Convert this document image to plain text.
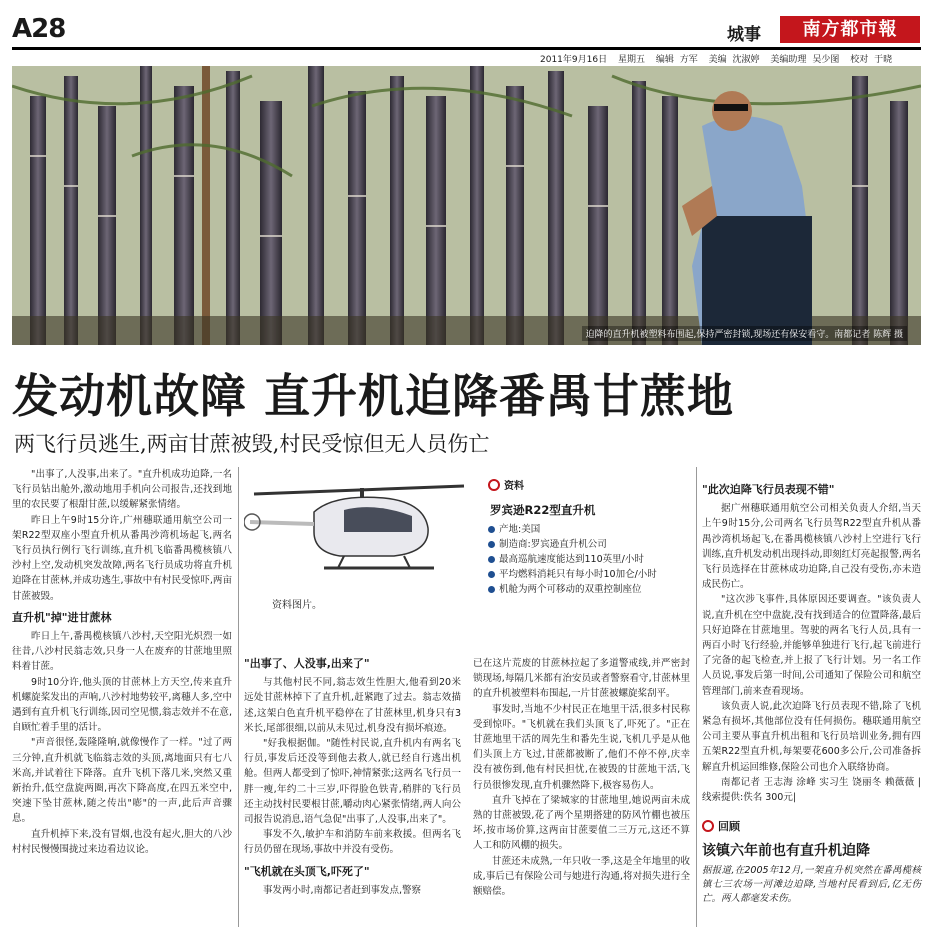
A28	城事	南方都市報
2011年9月16日 星期五 编辑 方军 美编 沈淑婷 美编助理 吴少图 校对 于晓
迫降的直升机被塑料布围起,保持严密封锁,现场还有保安看守。南都记者 陈辉 摄
发动机故障 直升机迫降番禺甘蔗地
两飞行员逃生,两亩甘蔗被毁,村民受惊但无人员伤亡

"出事了,人没事,出来了。"直升机成功迫降,一名飞行员钻出舱外,激动地用手机向公司报告,还找到地里的农民要了根甜甘蔗,以缓解紧张情绪。

昨日上午9时15分许,广州穗联通用航空公司一架R22型双座小型直升机从番禺沙湾机场起飞,两名飞行员执行例行飞行训练,直升机飞临番禺榄核镇八沙村上空,发动机突发故障,两名飞行员成功将直升机迫降在甘蔗林,并成功逃生,事故中有村民受惊吓,两亩甘蔗被毁。

直升机"掉"进甘蔗林

昨日上午,番禺榄核镇八沙村,天空阳光炽烈一如往昔,八沙村民翁志效,只身一人在废弃的甘蔗地里照料着甘蔗。

9时10分许,他头顶的甘蔗林上方天空,传来直升机螺旋桨发出的声响,八沙村地势较平,离穗人多,空中遇到有直升机飞行训练,因司空见惯,翁志效并不在意,自顾忙着手里的活计。

"声音很怪,轰隆隆响,就像慢作了一样。"过了两三分钟,直升机就飞临翁志效的头顶,离地面只有七八米高,并试着往下降落。直升飞机下落几米,突然又重新抬升,低空盘旋两圈,再次下降高度,在四五米空中,突速下坠甘蔗林,随之传出"嘭"的一声,此后声音骤息。

直升机掉下来,没有冒烟,也没有起火,胆大的八沙村村民慢慢围拢过来边看边议论。

资料图片。
资料
罗宾逊R22型直升机
产地:美国
制造商:罗宾逊直升机公司
最高巡航速度能达到110英里/小时
平均燃料消耗只有每小时10加仑/小时
机舱为两个可移动的双重控制座位
"出事了、人没事,出来了"

与其他村民不同,翁志效生性胆大,他看到20米远处甘蔗林掉下了直升机,赶紧跑了过去。翁志效描述,这架白色直升机平稳停在了甘蔗林里,机身只有3米长,尾部很细,以前从未见过,机身没有损坏痕迹。

"好我根据伽。"随性村民说,直升机内有两名飞行员,事发后还没等到他去救人,就已经自行逃出机舱。但两人都受到了惊吓,神情紧张;这两名飞行员一胖一瘦,年约二十三岁,吓得脸色铁青,稍胖的飞行员还主动找村民要根甘蔗,嚼动肉心紧张情绪,两人向公司报告说消息,语气急促"出事了,人没事,出来了"。

事发不久,敏护车和消防车前来救援。但两名飞行员仍留在现场,事故中并没有受伤。

"飞机就在头顶飞,吓死了"

事发两小时,南都记者赶到事发点,警察

已在这片荒废的甘蔗林拉起了多道警戒线,并严密封锁现场,每隔几米都有治安员或者警察看守,甘蔗林里的直升机被塑料布围起,一片甘蔗被螺旋桨刮平。

事发时,当地不少村民正在地里干活,很多村民称受到惊吓。"飞机就在我们头顶飞了,吓死了。"正在甘蔗地里干活的周先生和番先生说,飞机几乎是从他们头顶上方飞过,甘蔗都被断了,他们不停不停,庆幸没有被伤到,他有村民担忧,在被毁的甘蔗地干活,飞行员很惨发现,直升机骤然降下,极容易伤人。

直升飞掉在了梁城家的甘蔗地里,她说两亩未成熟的甘蔗被毁,花了两个星期搭建的防风竹棚也被压坏,按市场价算,这两亩甘蔗要值二三万元,这还不算人工和防风棚的损失。

甘蔗还未成熟,一年只收一季,这是全年地里的收成,事后已有保险公司与她进行沟通,将对损失进行全额赔偿。

"此次迫降飞行员表现不错"

据广州穗联通用航空公司相关负责人介绍,当天上午9时15分,公司两名飞行员驾R22型直升机从番禺沙湾机场起飞,在番禺榄核镇八沙村上空进行飞行训练,直升机发动机出现抖动,即刻红灯亮起报警,两名飞行员选择在甘蔗林成功迫降,自己没有受伤,亦未造成民伤亡。

"这次涉飞事件,具体原因还要调查。"该负责人说,直升机在空中盘旋,没有找到适合的位置降落,最后只好迫降在甘蔗地里。驾驶的两名飞行人员,具有一两百小时飞行经验,并能够单独进行飞行,起飞前进行了完备的起飞检查,并上报了飞行计划。另一名工作人员说,事发后第一时间,公司通知了保险公司和航空管理部门,前来查看现场。

该负责人说,此次迫降飞行员表现不错,除了飞机紧急有损坏,其他部位没有任何损伤。穗联通用航空公司主要从事直升机出租和飞行员培训业务,拥有四五架R22型直升机,每架要花600多公斤,公司准备拆解直升机运回维修,保险公司也介入联络协商。

南都记者 王志海 涂峰 实习生 饶丽冬 赖薇薇 |线索提供:佚名 300元|

回顾
该镇六年前也有直升机迫降
据报道,在2005年12月,一架直升机突然在番禺榄核镇七三农场一河滩边迫降,当地村民看到后,亿无伤亡。两人都毫发未伤。
